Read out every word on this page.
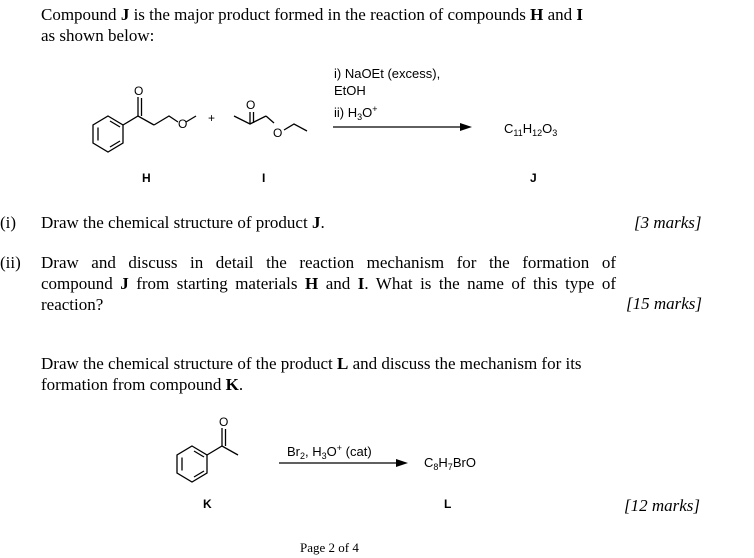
Compound J is the major product formed in the reaction of compounds H and I
as shown below:
O
O +
O
O
i) NaOEt (excess),
EtOH
ii) $H_3O^+$
$C_{11}H_{12}O_3$
H	I	J
(i) Draw the chemical structure of product J.	[3 marks]
(ii) Draw and discuss in detail the reaction mechanism for the formation of
compound J from starting materials H and I. What is the name of this type of
reaction?	[15 marks]
Draw the chemical structure of the product L and discuss the mechanism for its
formation from compound K.
O
$Br_2$, $H_3O^+$ (cat)
$C_8H_7BrO$
K	L	[12 marks]
Page 2 of 4
